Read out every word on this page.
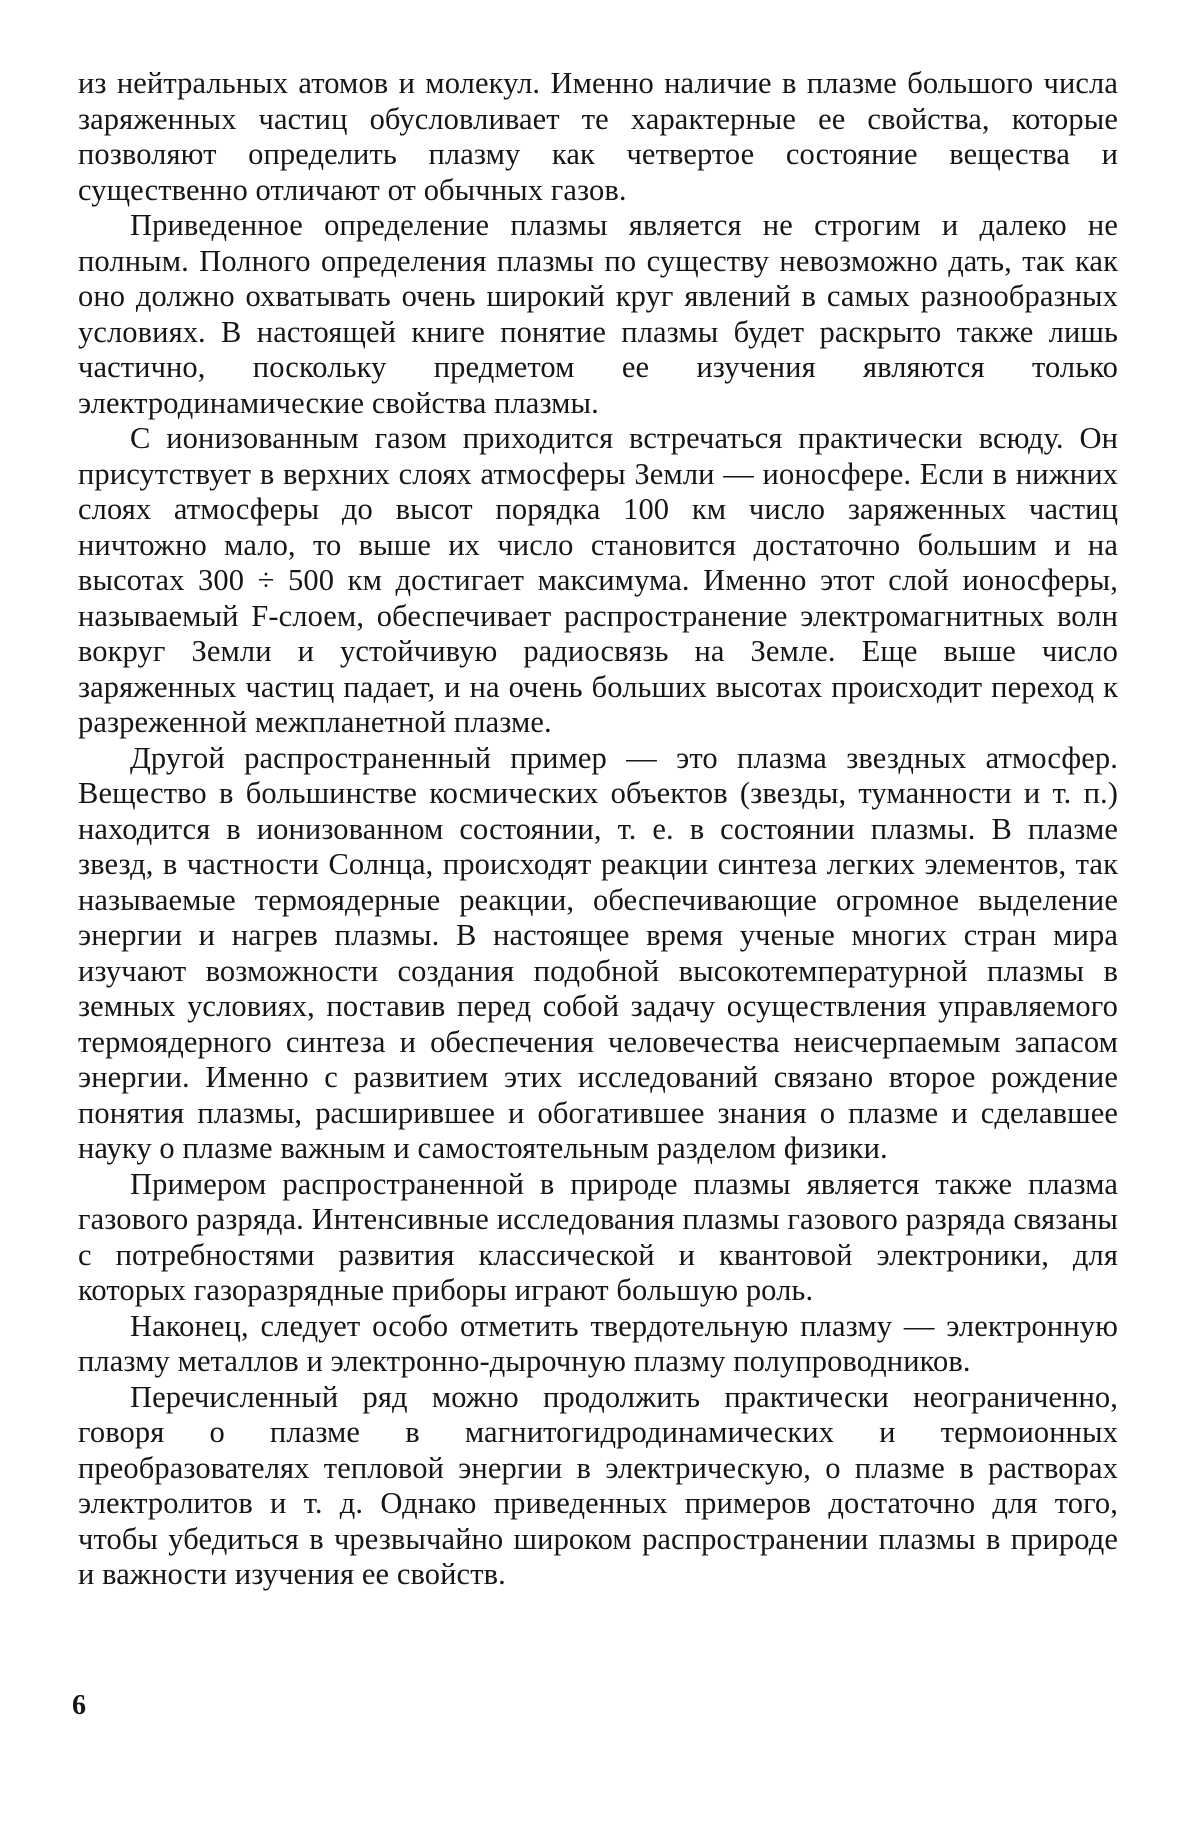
из нейтральных атомов и молекул. Именно наличие в плазме большого числа заряженных частиц обусловливает те характерные ее свойства, которые позволяют определить плазму как четвертое состояние вещества и существенно отличают от обычных газов.

Приведенное определение плазмы является не строгим и далеко не полным. Полного определения плазмы по существу невозможно дать, так как оно должно охватывать очень широкий круг явлений в самых разнообразных условиях. В настоящей книге понятие плазмы будет раскрыто также лишь частично, поскольку предметом ее изучения являются только электродинамические свойства плазмы.

С ионизованным газом приходится встречаться практически всюду. Он присутствует в верхних слоях атмосферы Земли — ионосфере. Если в нижних слоях атмосферы до высот порядка 100 км число заряженных частиц ничтожно мало, то выше их число становится достаточно большим и на высотах 300 ÷ 500 км достигает максимума. Именно этот слой ионосферы, называемый F-слоем, обеспечивает распространение электромагнитных волн вокруг Земли и устойчивую радиосвязь на Земле. Еще выше число заряженных частиц падает, и на очень больших высотах происходит переход к разреженной межпланетной плазме.

Другой распространенный пример — это плазма звездных атмосфер. Вещество в большинстве космических объектов (звезды, туманности и т. п.) находится в ионизованном состоянии, т. е. в состоянии плазмы. В плазме звезд, в частности Солнца, происходят реакции синтеза легких элементов, так называемые термоядерные реакции, обеспечивающие огромное выделение энергии и нагрев плазмы. В настоящее время ученые многих стран мира изучают возможности создания подобной высокотемпературной плазмы в земных условиях, поставив перед собой задачу осуществления управляемого термоядерного синтеза и обеспечения человечества неисчерпаемым запасом энергии. Именно с развитием этих исследований связано второе рождение понятия плазмы, расширившее и обогатившее знания о плазме и сделавшее науку о плазме важным и самостоятельным разделом физики.

Примером распространенной в природе плазмы является также плазма газового разряда. Интенсивные исследования плазмы газового разряда связаны с потребностями развития классической и квантовой электроники, для которых газоразрядные приборы играют большую роль.

Наконец, следует особо отметить твердотельную плазму — электронную плазму металлов и электронно-дырочную плазму полупроводников.

Перечисленный ряд можно продолжить практически неограниченно, говоря о плазме в магнитогидродинамических и термоионных преобразователях тепловой энергии в электрическую, о плазме в растворах электролитов и т. д. Однако приведенных примеров достаточно для того, чтобы убедиться в чрезвычайно широком распространении плазмы в природе и важности изучения ее свойств.

6
